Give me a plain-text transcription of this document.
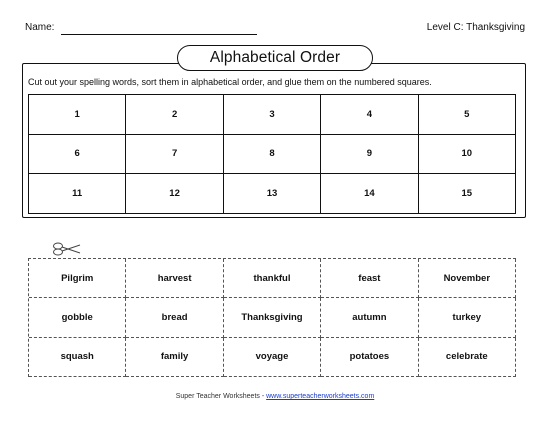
Name:	Level C: Thanksgiving
Alphabetical Order
Cut out your spelling words, sort them in alphabetical order, and glue them on the numbered squares.
1	2	3	4	5
6	7	8	9	10
11	12	13	14	15
Pilgrim	harvest	thankful	feast	November
gobble	bread	Thanksgiving	autumn	turkey
squash	family	voyage	potatoes	celebrate
Super Teacher Worksheets - www.superteacherworksheets.com
